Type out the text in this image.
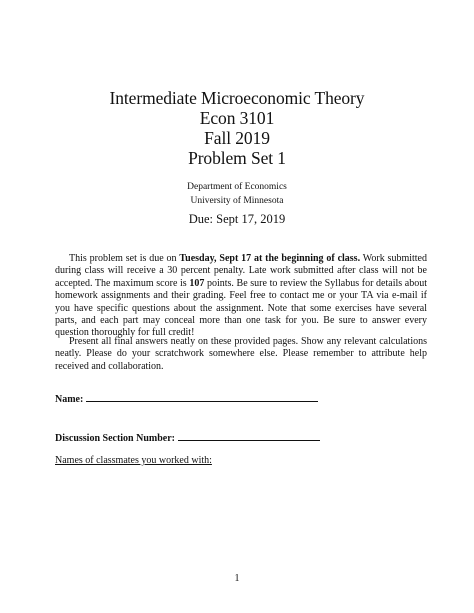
Intermediate Microeconomic Theory
Econ 3101
Fall 2019
Problem Set 1
Department of Economics
University of Minnesota
Due: Sept 17, 2019

This problem set is due on Tuesday, Sept 17 at the beginning of class. Work submitted during class will receive a 30 percent penalty. Late work submitted after class will not be accepted. The maximum score is 107 points. Be sure to review the Syllabus for details about homework assignments and their grading. Feel free to contact me or your TA via e-mail if you have specific questions about the assignment. Note that some exercises have several parts, and each part may conceal more than one task for you. Be sure to answer every question thoroughly for full credit!

Present all final answers neatly on these provided pages. Show any relevant calculations neatly. Please do your scratchwork somewhere else. Please remember to attribute help received and collaboration.

Name:
Discussion Section Number:
Names of classmates you worked with:
1
